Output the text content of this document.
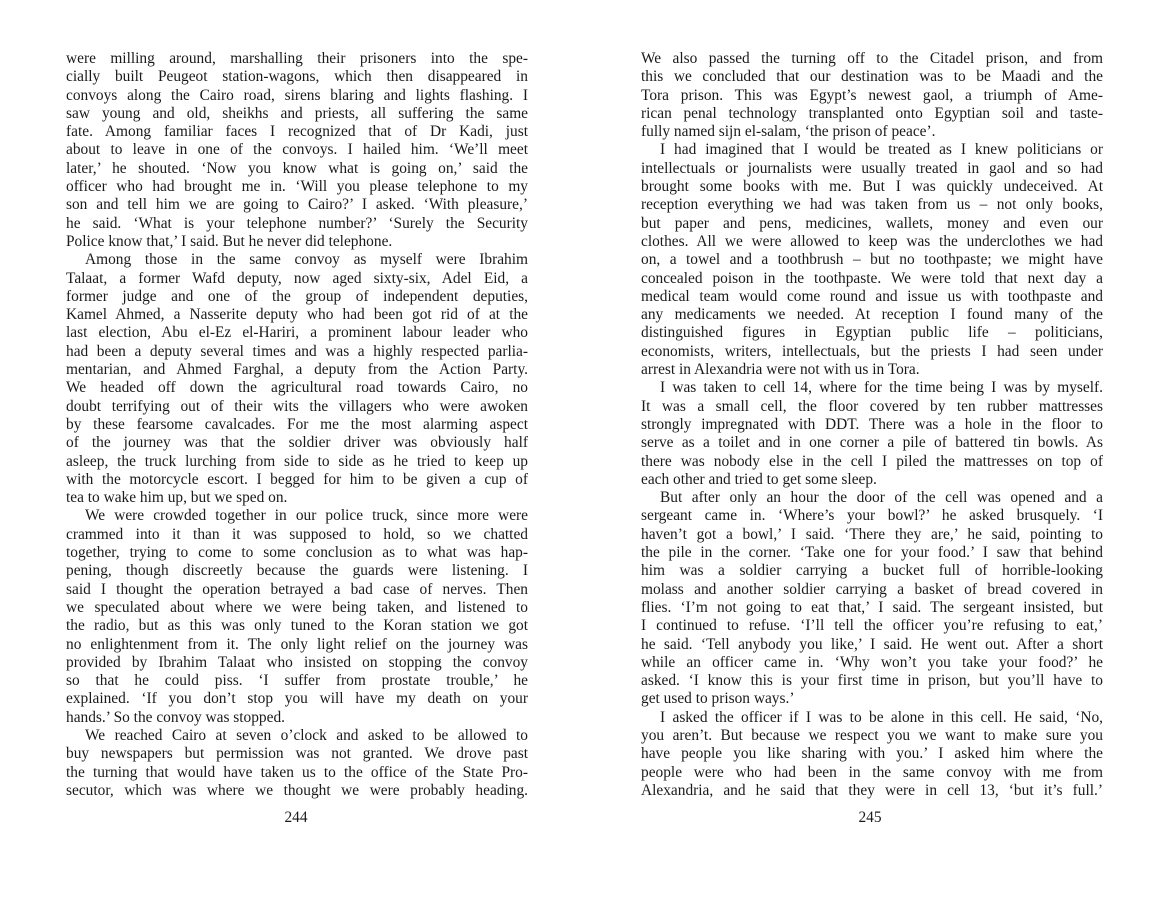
were milling around, marshalling their prisoners into the spe-
cially built Peugeot station-wagons, which then disappeared in
convoys along the Cairo road, sirens blaring and lights flashing. I
saw young and old, sheikhs and priests, all suffering the same
fate. Among familiar faces I recognized that of Dr Kadi, just
about to leave in one of the convoys. I hailed him. ‘We’ll meet
later,’ he shouted. ‘Now you know what is going on,’ said the
officer who had brought me in. ‘Will you please telephone to my
son and tell him we are going to Cairo?’ I asked. ‘With pleasure,’
he said. ‘What is your telephone number?’ ‘Surely the Security
Police know that,’ I said. But he never did telephone.
Among those in the same convoy as myself were Ibrahim
Talaat, a former Wafd deputy, now aged sixty-six, Adel Eid, a
former judge and one of the group of independent deputies,
Kamel Ahmed, a Nasserite deputy who had been got rid of at the
last election, Abu el-Ez el-Hariri, a prominent labour leader who
had been a deputy several times and was a highly respected parlia-
mentarian, and Ahmed Farghal, a deputy from the Action Party.
We headed off down the agricultural road towards Cairo, no
doubt terrifying out of their wits the villagers who were awoken
by these fearsome cavalcades. For me the most alarming aspect
of the journey was that the soldier driver was obviously half
asleep, the truck lurching from side to side as he tried to keep up
with the motorcycle escort. I begged for him to be given a cup of
tea to wake him up, but we sped on.
We were crowded together in our police truck, since more were
crammed into it than it was supposed to hold, so we chatted
together, trying to come to some conclusion as to what was hap-
pening, though discreetly because the guards were listening. I
said I thought the operation betrayed a bad case of nerves. Then
we speculated about where we were being taken, and listened to
the radio, but as this was only tuned to the Koran station we got
no enlightenment from it. The only light relief on the journey was
provided by Ibrahim Talaat who insisted on stopping the convoy
so that he could piss. ‘I suffer from prostate trouble,’ he
explained. ‘If you don’t stop you will have my death on your
hands.’ So the convoy was stopped.
We reached Cairo at seven o’clock and asked to be allowed to
buy newspapers but permission was not granted. We drove past
the turning that would have taken us to the office of the State Pro-
secutor, which was where we thought we were probably heading.
244
We also passed the turning off to the Citadel prison, and from
this we concluded that our destination was to be Maadi and the
Tora prison. This was Egypt’s newest gaol, a triumph of Ame-
rican penal technology transplanted onto Egyptian soil and taste-
fully named sijn el-salam, ‘the prison of peace’.
I had imagined that I would be treated as I knew politicians or
intellectuals or journalists were usually treated in gaol and so had
brought some books with me. But I was quickly undeceived. At
reception everything we had was taken from us – not only books,
but paper and pens, medicines, wallets, money and even our
clothes. All we were allowed to keep was the underclothes we had
on, a towel and a toothbrush – but no toothpaste; we might have
concealed poison in the toothpaste. We were told that next day a
medical team would come round and issue us with toothpaste and
any medicaments we needed. At reception I found many of the
distinguished figures in Egyptian public life – politicians,
economists, writers, intellectuals, but the priests I had seen under
arrest in Alexandria were not with us in Tora.
I was taken to cell 14, where for the time being I was by myself.
It was a small cell, the floor covered by ten rubber mattresses
strongly impregnated with DDT. There was a hole in the floor to
serve as a toilet and in one corner a pile of battered tin bowls. As
there was nobody else in the cell I piled the mattresses on top of
each other and tried to get some sleep.
But after only an hour the door of the cell was opened and a
sergeant came in. ‘Where’s your bowl?’ he asked brusquely. ‘I
haven’t got a bowl,’ I said. ‘There they are,’ he said, pointing to
the pile in the corner. ‘Take one for your food.’ I saw that behind
him was a soldier carrying a bucket full of horrible-looking
molass and another soldier carrying a basket of bread covered in
flies. ‘I’m not going to eat that,’ I said. The sergeant insisted, but
I continued to refuse. ‘I’ll tell the officer you’re refusing to eat,’
he said. ‘Tell anybody you like,’ I said. He went out. After a short
while an officer came in. ‘Why won’t you take your food?’ he
asked. ‘I know this is your first time in prison, but you’ll have to
get used to prison ways.’
I asked the officer if I was to be alone in this cell. He said, ‘No,
you aren’t. But because we respect you we want to make sure you
have people you like sharing with you.’ I asked him where the
people were who had been in the same convoy with me from
Alexandria, and he said that they were in cell 13, ‘but it’s full.’
245
